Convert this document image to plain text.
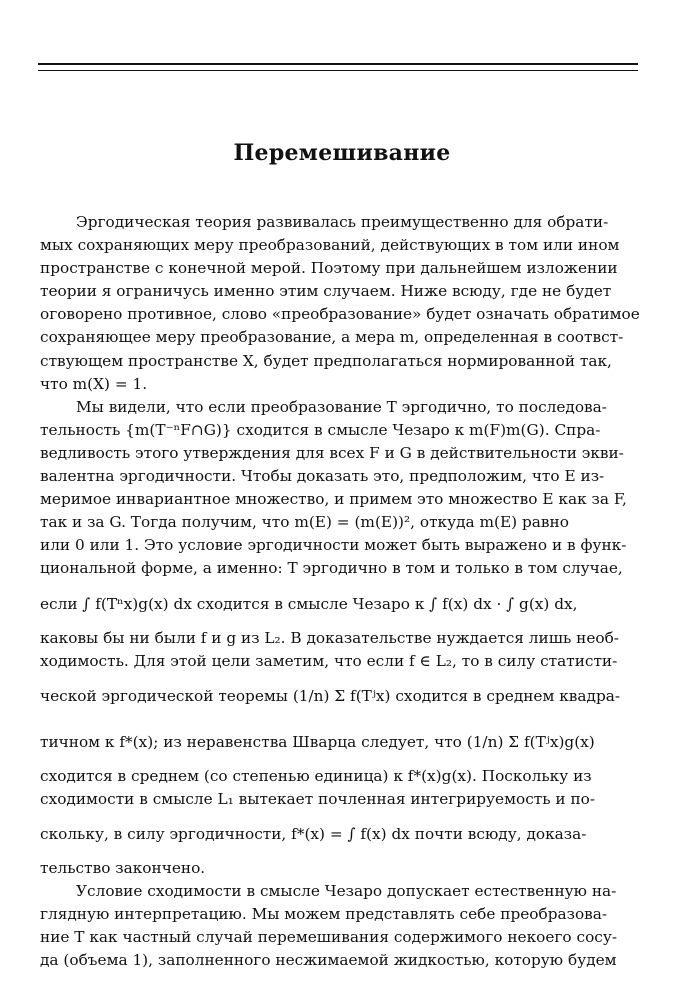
Перемешивание
Эргодическая теория развивалась преимущественно для обрати-
мых сохраняющих меру преобразований, действующих в том или ином
пространстве с конечной мерой. Поэтому при дальнейшем изложении
теории я ограничусь именно этим случаем. Ниже всюду, где не будет
оговорено противное, слово «преобразование» будет означать обратимое
сохраняющее меру преобразование, а мера m, определенная в соотвст-
ствующем пространстве X, будет предполагаться нормированной так,
что m(X) = 1.
Мы видели, что если преобразование T эргодично, то последова-
тельность {m(T⁻ⁿF∩G)} сходится в смысле Чезаро к m(F)m(G). Спра-
ведливость этого утверждения для всех F и G в действительности экви-
валентна эргодичности. Чтобы доказать это, предположим, что E из-
меримое инвариантное множество, и примем это множество E как за F,
так и за G. Тогда получим, что m(E) = (m(E))², откуда m(E) равно
или 0 или 1. Это условие эргодичности может быть выражено и в функ-
циональной форме, а именно: T эргодично в том и только в том случае,
если ∫ f(Tⁿx)g(x) dx сходится в смысле Чезаро к ∫ f(x) dx · ∫ g(x) dx,
каковы бы ни были f и g из L₂. В доказательстве нуждается лишь необ-
ходимость. Для этой цели заметим, что если f ∈ L₂, то в силу статисти-
ческой эргодической теоремы (1/n) Σ f(Tʲx) сходится в среднем квадра-
тичном к f*(x); из неравенства Шварца следует, что (1/n) Σ f(Tʲx)g(x)
сходится в среднем (со степенью единица) к f*(x)g(x). Поскольку из
сходимости в смысле L₁ вытекает почленная интегрируемость и по-
скольку, в силу эргодичности, f*(x) = ∫ f(x) dx почти всюду, доказа-
тельство закончено.
Условие сходимости в смысле Чезаро допускает естественную на-
глядную интерпретацию. Мы можем представлять себе преобразова-
ние T как частный случай перемешивания содержимого некоего сосу-
да (объема 1), заполненного несжимаемой жидкостью, которую будем
